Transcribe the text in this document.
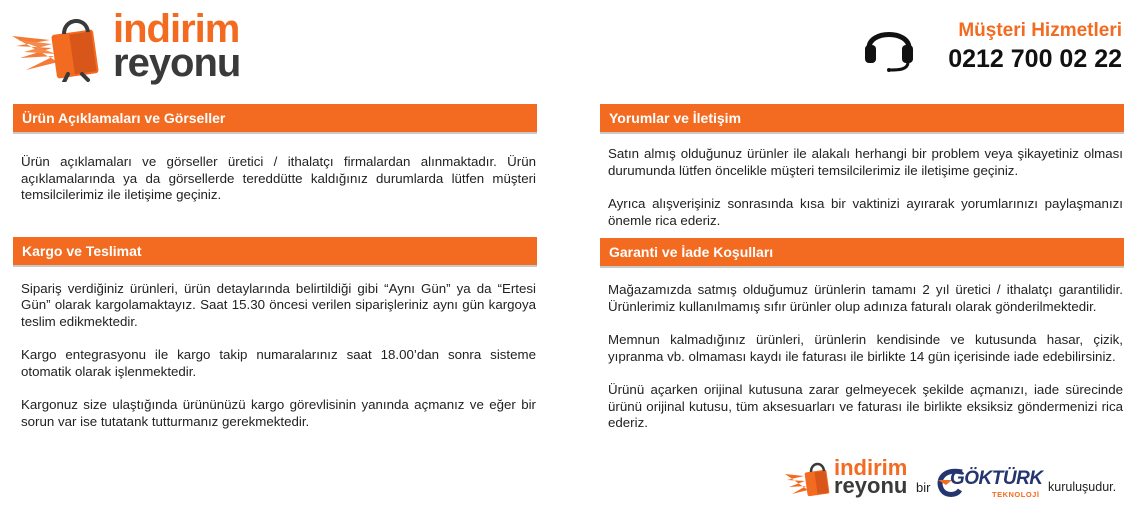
indirim
reyonu
Müşteri Hizmetleri
0212 700 02 22
Ürün Açıklamaları ve Görseller

Ürün açıklamaları ve görseller üretici / ithalatçı firmalardan alınmaktadır. Ürün açıklamalarında ya da görsellerde tereddütte kaldığınız durumlarda lütfen müşteri temsilcilerimiz ile iletişime geçiniz.

Kargo ve Teslimat

Sipariş verdiğiniz ürünleri, ürün detaylarında belirtildiği gibi “Aynı Gün” ya da “Ertesi Gün” olarak kargolamaktayız. Saat 15.30 öncesi verilen siparişleriniz aynı gün kargoya teslim edikmektedir.

Kargo entegrasyonu ile kargo takip numaralarınız saat 18.00’dan sonra sisteme otomatik olarak işlenmektedir.

Kargonuz size ulaştığında ürününüzü kargo görevlisinin yanında açmanız ve eğer bir sorun var ise tutatank tutturmanız gerekmektedir.

Yorumlar ve İletişim

Satın almış olduğunuz ürünler ile alakalı herhangi bir problem veya şikayetiniz olması durumunda lütfen öncelikle müşteri temsilcilerimiz ile iletişime geçiniz.

Ayrıca alışverişiniz sonrasında kısa bir vaktinizi ayırarak yorumlarınızı paylaşmanızı önemle rica ederiz.

Garanti ve İade Koşulları

Mağazamızda satmış olduğumuz ürünlerin tamamı 2 yıl üretici / ithalatçı garantilidir. Ürünlerimiz kullanılmamış sıfır ürünler olup adınıza faturalı olarak gönderilmektedir.

Memnun kalmadığınız ürünleri, ürünlerin kendisinde ve kutusunda hasar, çizik, yıpranma vb. olmaması kaydı ile faturası ile birlikte 14 gün içerisinde iade edebilirsiniz.

Ürünü açarken orijinal kutusuna zarar gelmeyecek şekilde açmanızı, iade sürecinde ürünü orijinal kutusu, tüm aksesuarları ve faturası ile birlikte eksiksiz göndermenizi rica ederiz.

indirim
reyonu bir GÖKTÜRK
TEKNOLOJİ
kuruluşudur.
